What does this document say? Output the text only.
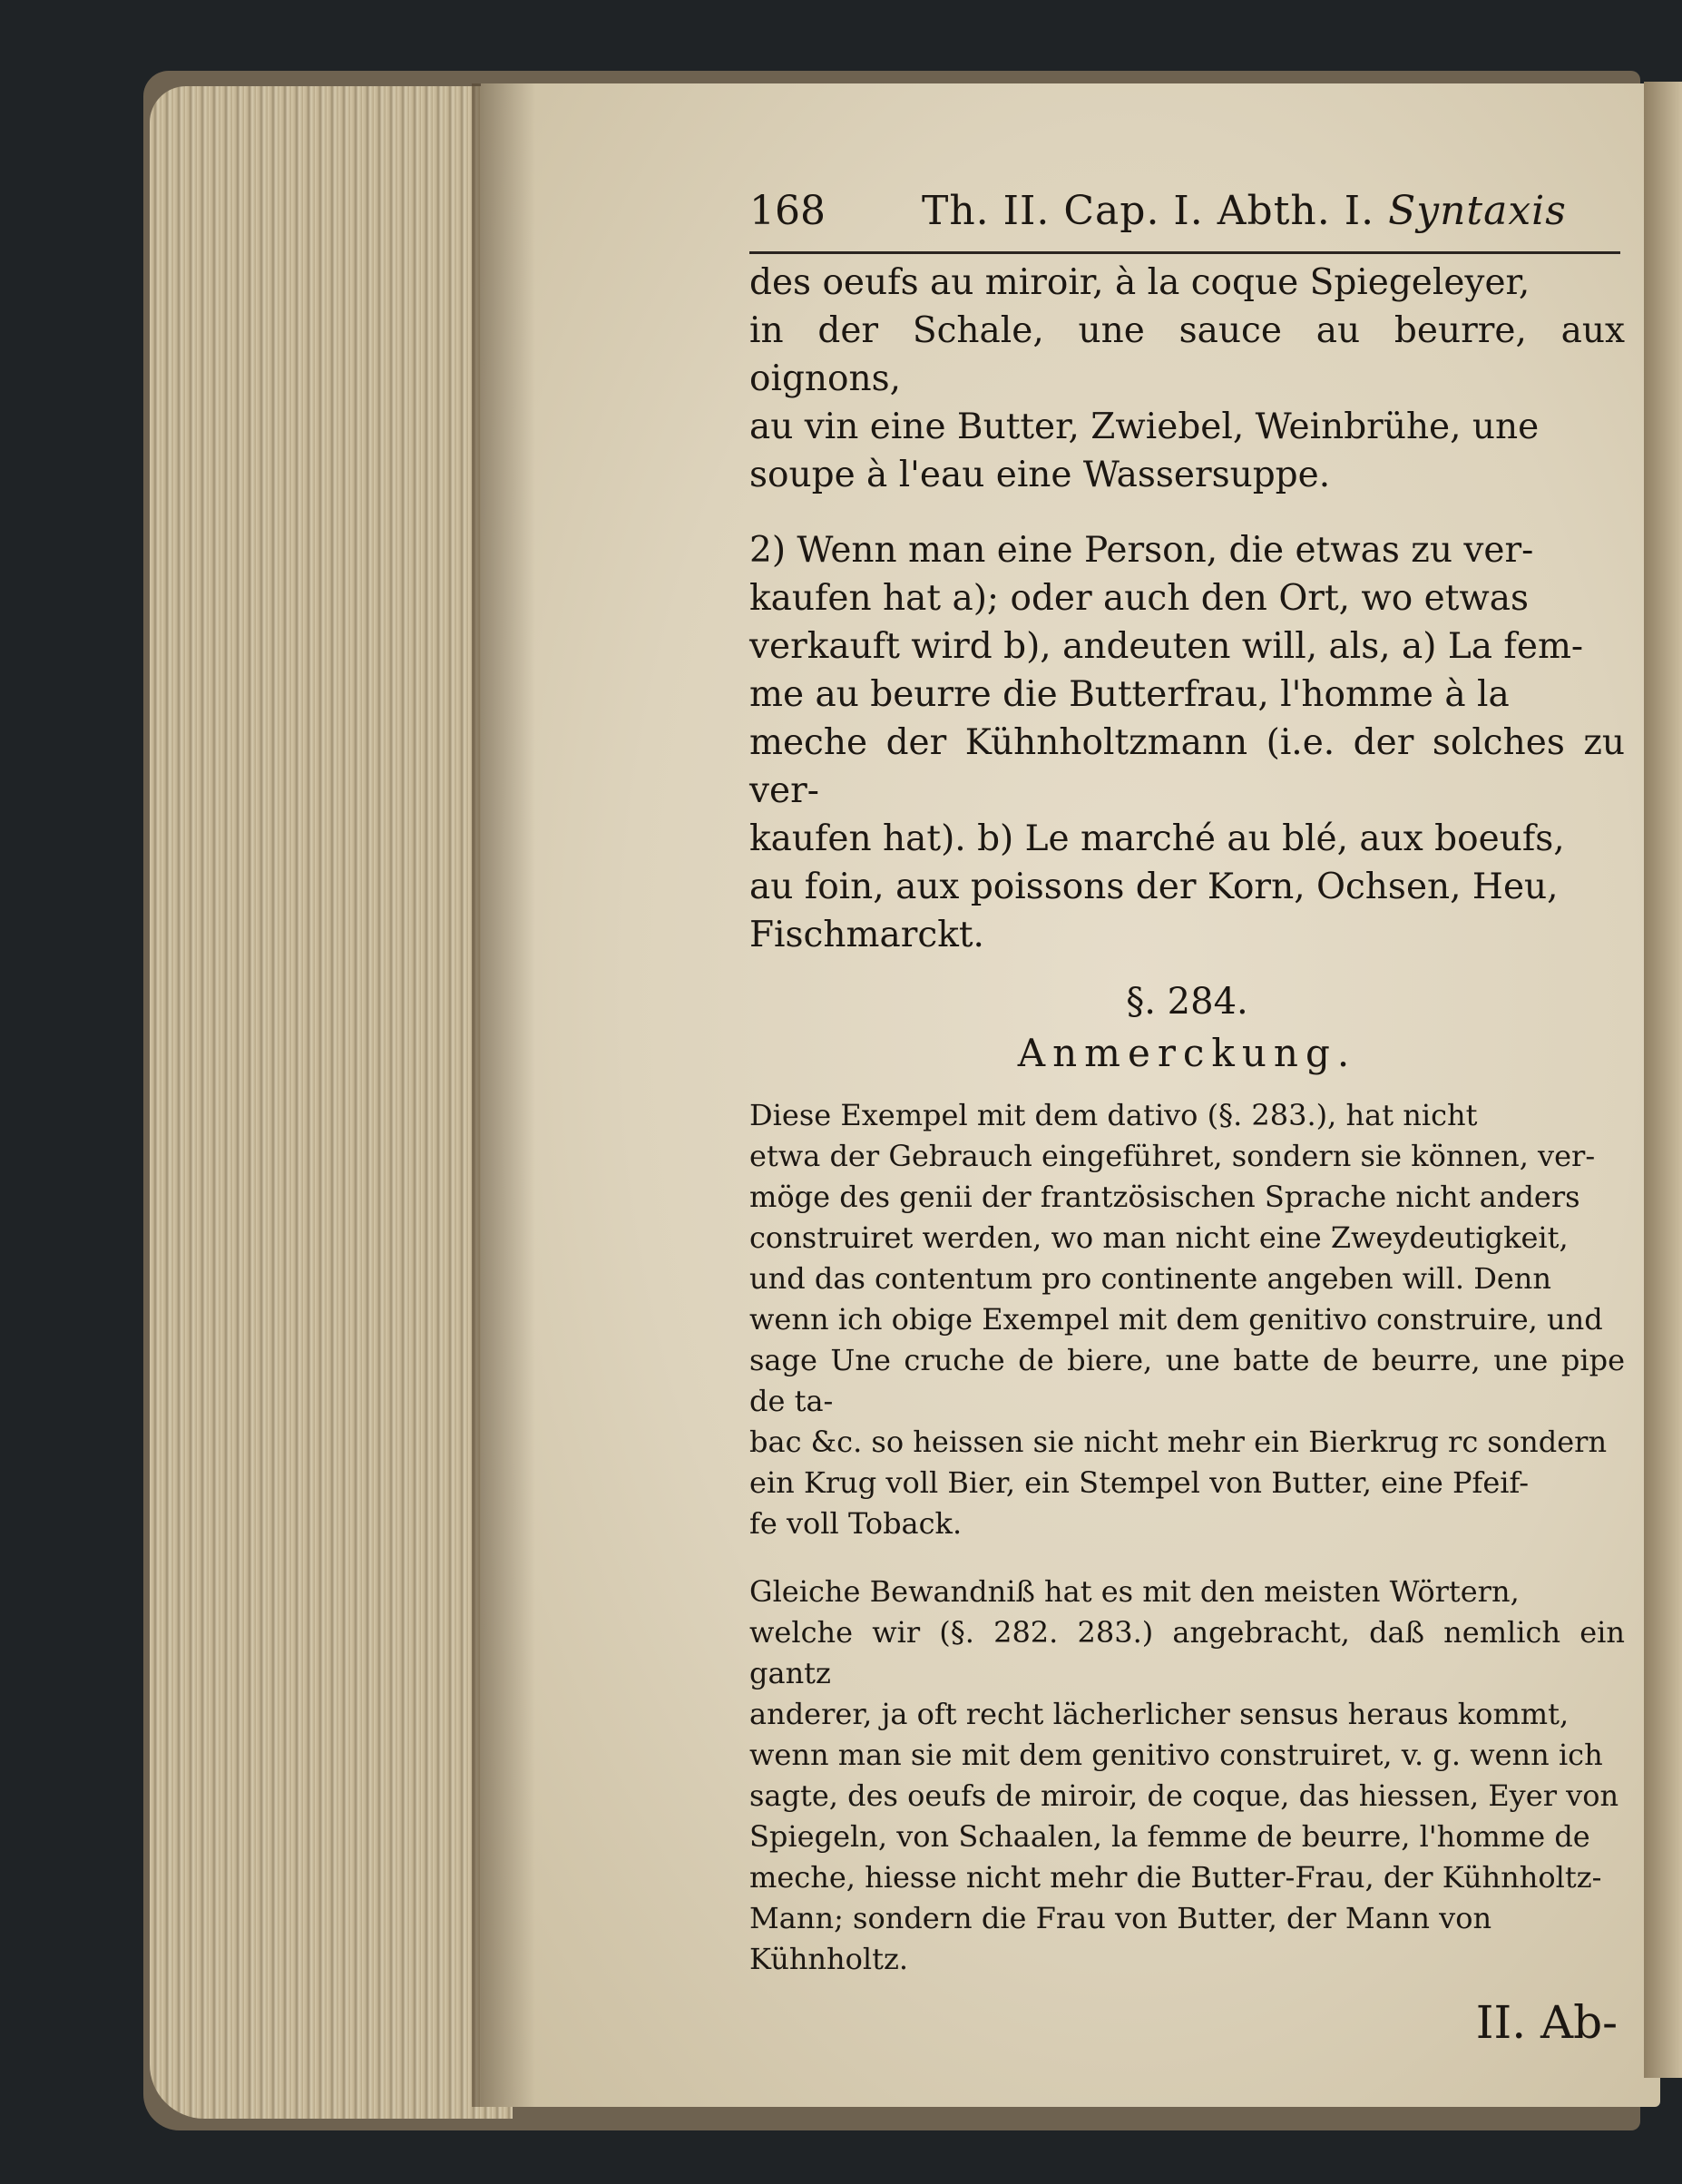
168 Th. II. Cap. I. Abth. I. Syntaxis

des oeufs au miroir, à la coque Spiegeleyer,

in der Schale, une sauce au beurre, aux oignons,

au vin eine Butter, Zwiebel, Weinbrühe, une

soupe à l'eau eine Wassersuppe.

2) Wenn man eine Person, die etwas zu ver-

kaufen hat a); oder auch den Ort, wo etwas

verkauft wird b), andeuten will, als, a) La fem-

me au beurre die Butterfrau, l'homme à la

meche der Kühnholtzmann (i.e. der solches zu ver-

kaufen hat). b) Le marché au blé, aux boeufs,

au foin, aux poissons der Korn, Ochsen, Heu,

Fischmarckt.

§. 284.

Anmerckung.

Diese Exempel mit dem dativo (§. 283.), hat nicht

etwa der Gebrauch eingeführet, sondern sie können, ver-

möge des genii der frantzösischen Sprache nicht anders

construiret werden, wo man nicht eine Zweydeutigkeit,

und das contentum pro continente angeben will. Denn

wenn ich obige Exempel mit dem genitivo construire, und

sage Une cruche de biere, une batte de beurre, une pipe de ta-

bac &c. so heissen sie nicht mehr ein Bierkrug rc sondern

ein Krug voll Bier, ein Stempel von Butter, eine Pfeif-

fe voll Toback.

Gleiche Bewandniß hat es mit den meisten Wörtern,

welche wir (§. 282. 283.) angebracht, daß nemlich ein gantz

anderer, ja oft recht lächerlicher sensus heraus kommt,

wenn man sie mit dem genitivo construiret, v. g. wenn ich

sagte, des oeufs de miroir, de coque, das hiessen, Eyer von

Spiegeln, von Schaalen, la femme de beurre, l'homme de

meche, hiesse nicht mehr die Butter-Frau, der Kühnholtz-

Mann; sondern die Frau von Butter, der Mann von

Kühnholtz.

II. Ab-
